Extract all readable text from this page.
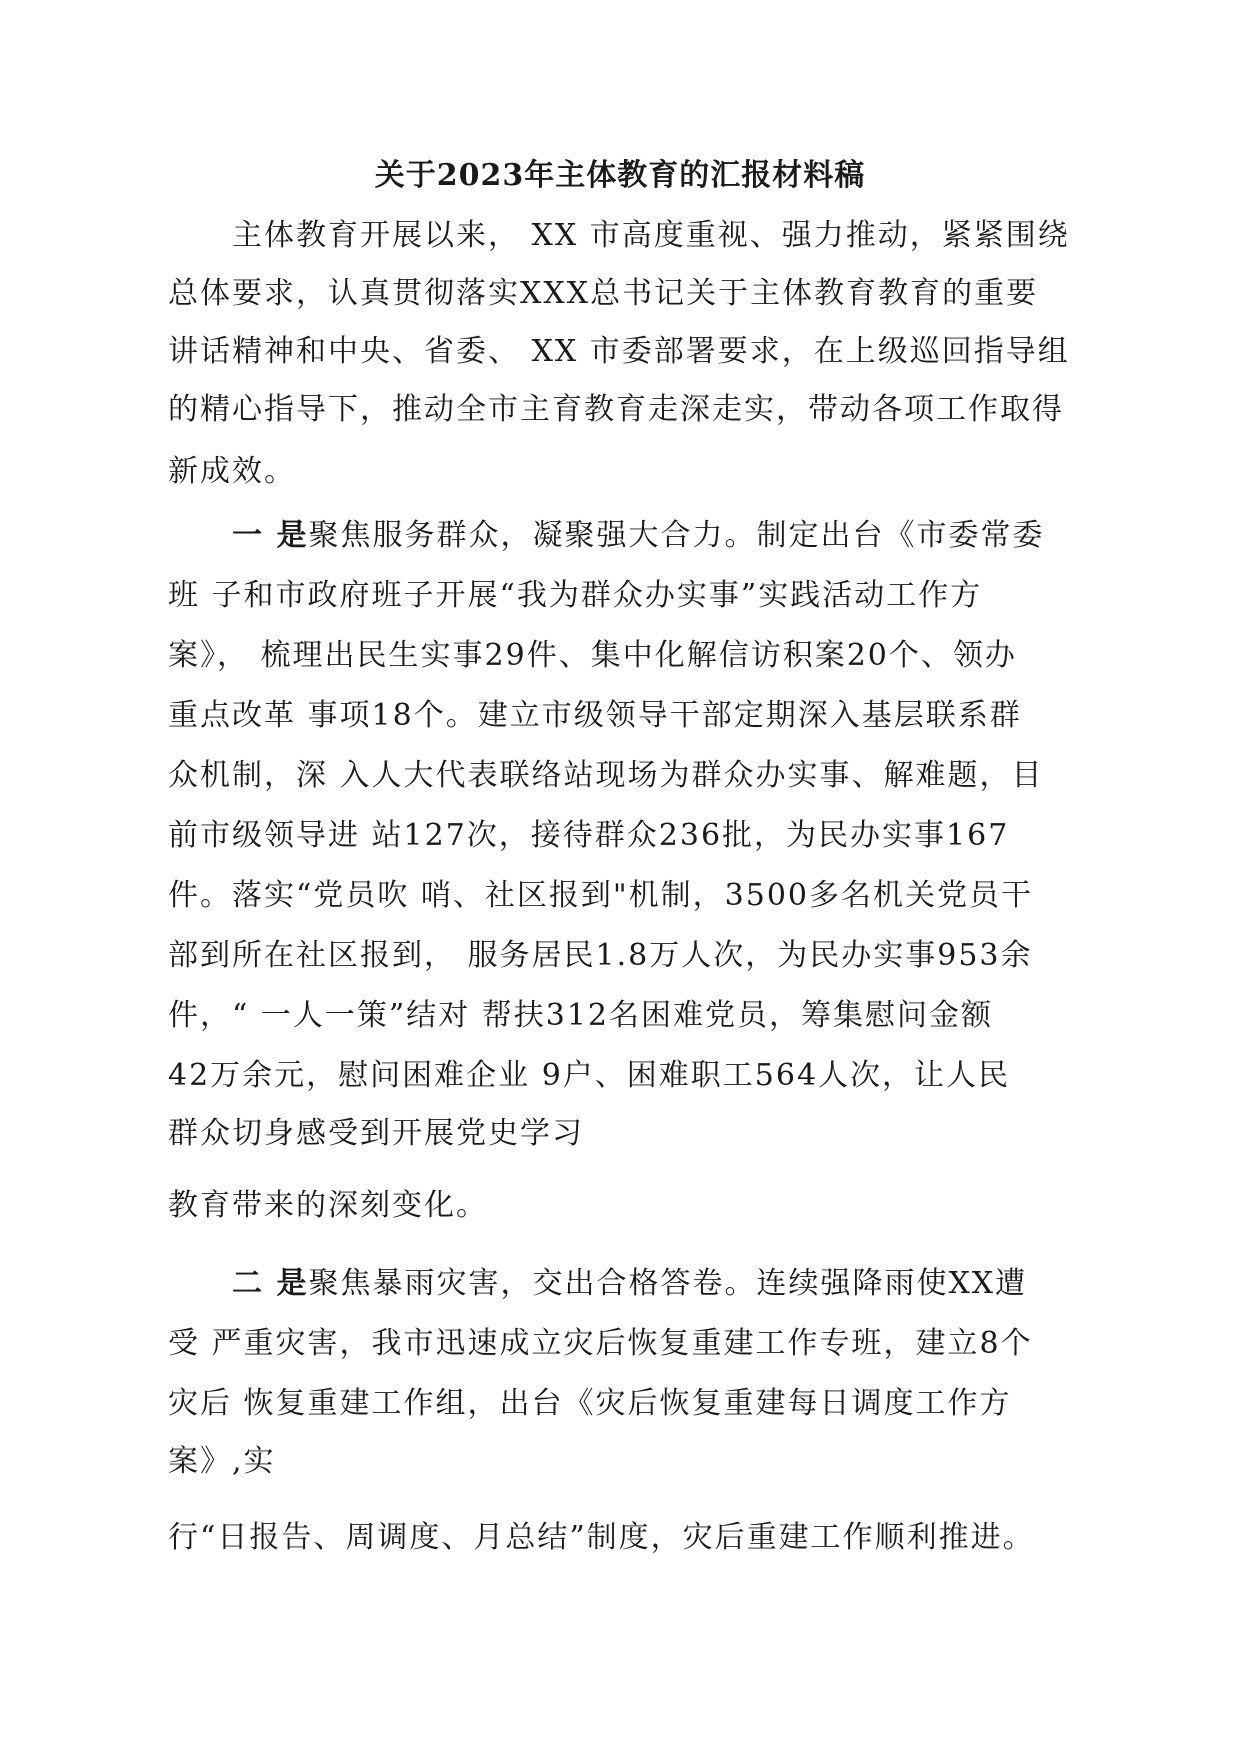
关于2023年主体教育的汇报材料稿
主体教育开展以来， XX 市高度重视、强力推动，紧紧围绕
总体要求，认真贯彻落实XXX总书记关于主体教育教育的重要
讲话精神和中央、省委、 XX 市委部署要求，在上级巡回指导组
的精心指导下，推动全市主育教育走深走实，带动各项工作取得
新成效。
一 是聚焦服务群众，凝聚强大合力。制定出台《市委常委
班 子和市政府班子开展“我为群众办实事”实践活动工作方
案》， 梳理出民生实事29件、集中化解信访积案20个、领办
重点改革 事项18个。建立市级领导干部定期深入基层联系群
众机制，深 入人大代表联络站现场为群众办实事、解难题，目
前市级领导进 站127次，接待群众236批，为民办实事167
件。落实“党员吹 哨、社区报到"机制，3500多名机关党员干
部到所在社区报到， 服务居民1.8万人次，为民办实事953余
件，“ 一人一策”结对 帮扶312名困难党员，筹集慰问金额
42万余元，慰问困难企业 9户、困难职工564人次，让人民
群众切身感受到开展党史学习
教育带来的深刻变化。
二 是聚焦暴雨灾害，交出合格答卷。连续强降雨使XX遭
受 严重灾害，我市迅速成立灾后恢复重建工作专班，建立8个
灾后 恢复重建工作组，出台《灾后恢复重建每日调度工作方
案》,实
行“日报告、周调度、月总结”制度，灾后重建工作顺利推进。
